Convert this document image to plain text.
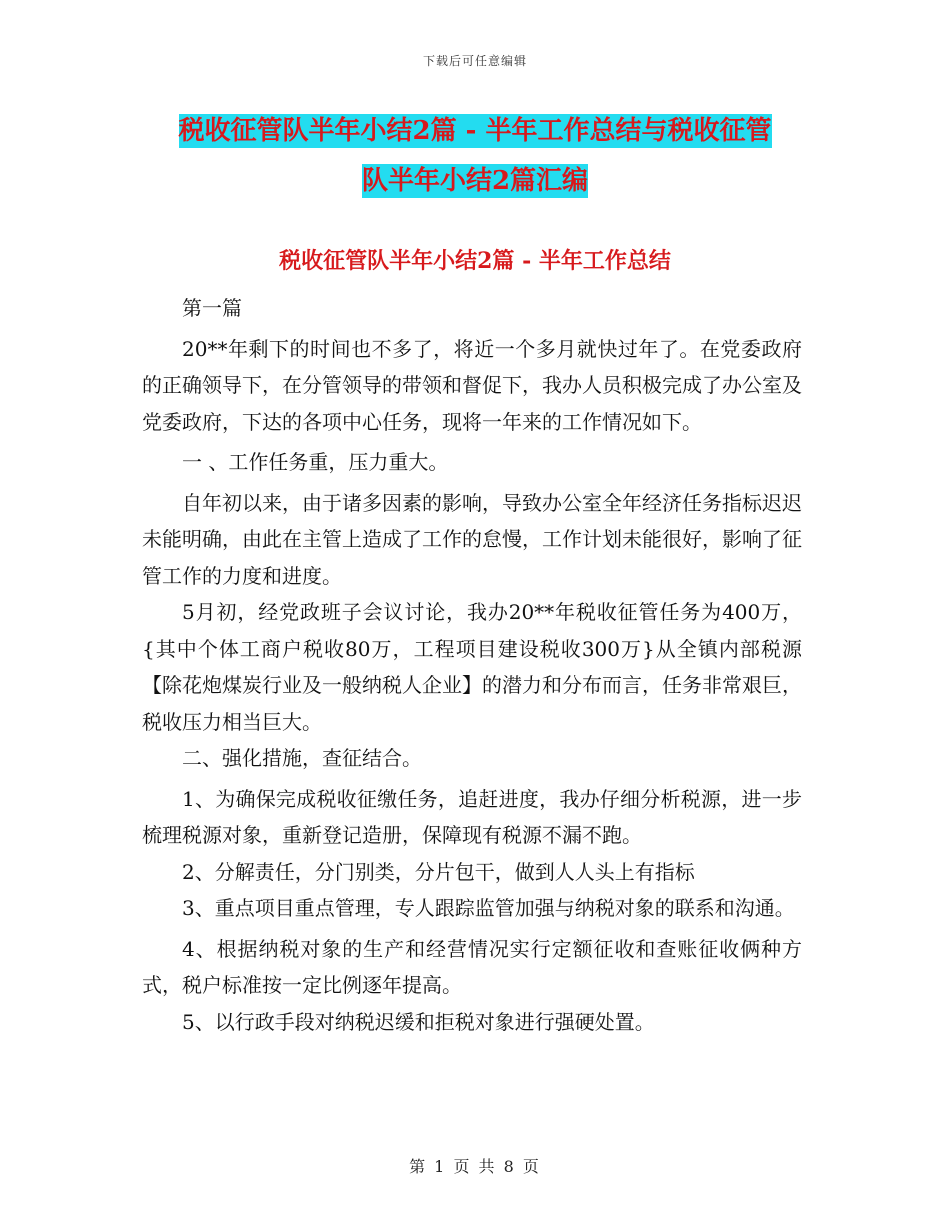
下载后可任意编辑
税收征管队半年小结2篇 - 半年工作总结与税收征管
队半年小结2篇汇编
税收征管队半年小结2篇 - 半年工作总结

第一篇

20**年剩下的时间也不多了，将近一个多月就快过年了。在党委政府的正确领导下，在分管领导的带领和督促下，我办人员积极完成了办公室及党委政府，下达的各项中心任务，现将一年来的工作情况如下。

一 、工作任务重，压力重大。

自年初以来，由于诸多因素的影响，导致办公室全年经济任务指标迟迟未能明确，由此在主管上造成了工作的怠慢，工作计划未能很好，影响了征管工作的力度和进度。

5月初，经党政班子会议讨论，我办20**年税收征管任务为400万，{其中个体工商户税收80万，工程项目建设税收300万}从全镇内部税源【除花炮煤炭行业及一般纳税人企业】的潜力和分布而言，任务非常艰巨，税收压力相当巨大。

二、强化措施，查征结合。

1、为确保完成税收征缴任务，追赶进度，我办仔细分析税源，进一步梳理税源对象，重新登记造册，保障现有税源不漏不跑。

2、分解责任，分门别类，分片包干，做到人人头上有指标

3、重点项目重点管理，专人跟踪监管加强与纳税对象的联系和沟通。

4、根据纳税对象的生产和经营情况实行定额征收和查账征收俩种方式，税户标准按一定比例逐年提高。

5、以行政手段对纳税迟缓和拒税对象进行强硬处置。

第 1 页 共 8 页
